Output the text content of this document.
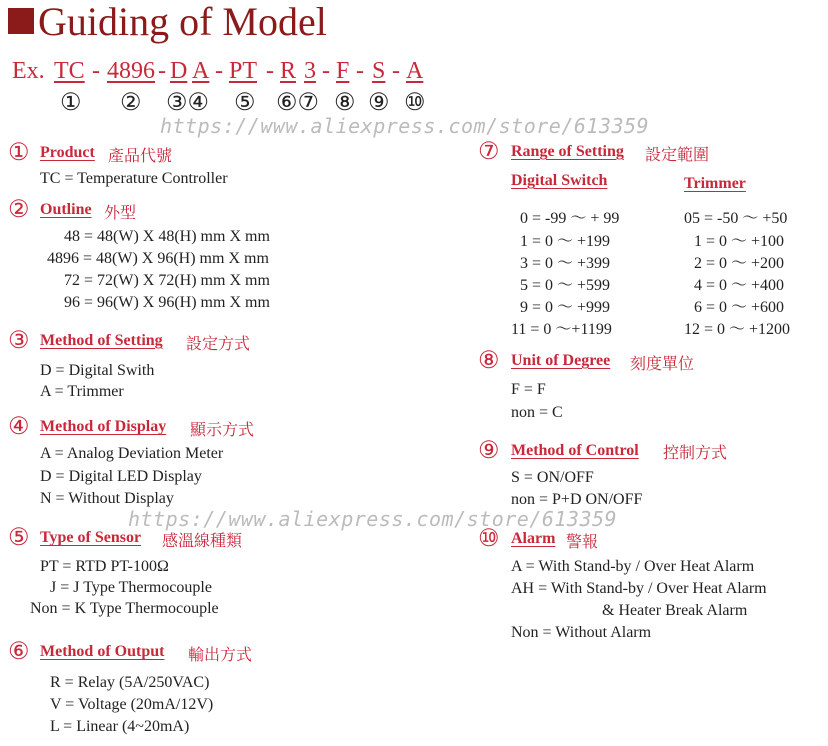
Guiding of Model
Ex. TC - 4896 - D A - PT - R 3 - F - S - A
① ② ③④ ⑤ ⑥⑦ ⑧ ⑨ ⑩
https://www.aliexpress.com/store/613359
https://www.aliexpress.com/store/613359
① Product 產品代號
TC = Temperature Controller
② Outline 外型
48 = 48(W) X 48(H) mm X mm
4896 = 48(W) X 96(H) mm X mm
72 = 72(W) X 72(H) mm X mm
96 = 96(W) X 96(H) mm X mm
③ Method of Setting 設定方式
D = Digital Swith
A = Trimmer
④ Method of Display 顯示方式
A = Analog Deviation Meter
D = Digital LED Display
N = Without Display
⑤ Type of Sensor 感溫線種類
PT = RTD PT-100Ω
J = J Type Thermocouple
Non = K Type Thermocouple
⑥ Method of Output 輸出方式
R = Relay (5A/250VAC)
V = Voltage (20mA/12V)
L = Linear (4~20mA)
⑦ Range of Setting 設定範圍
Digital Switch	Trimmer
0 = -99 ～ + 99
1 = 0 ～ +199
3 = 0 ～ +399
5 = 0 ～ +599
9 = 0 ～ +999
11 = 0 ～+1199
05 = -50 ～ +50
1 = 0 ～ +100
2 = 0 ～ +200
4 = 0 ～ +400
6 = 0 ～ +600
12 = 0 ～ +1200
⑧ Unit of Degree 刻度單位
F = F
non = C
⑨ Method of Control 控制方式
S = ON/OFF
non = P+D ON/OFF
⑩ Alarm 警報
A = With Stand-by / Over Heat Alarm
AH = With Stand-by / Over Heat Alarm
& Heater Break Alarm
Non = Without Alarm
